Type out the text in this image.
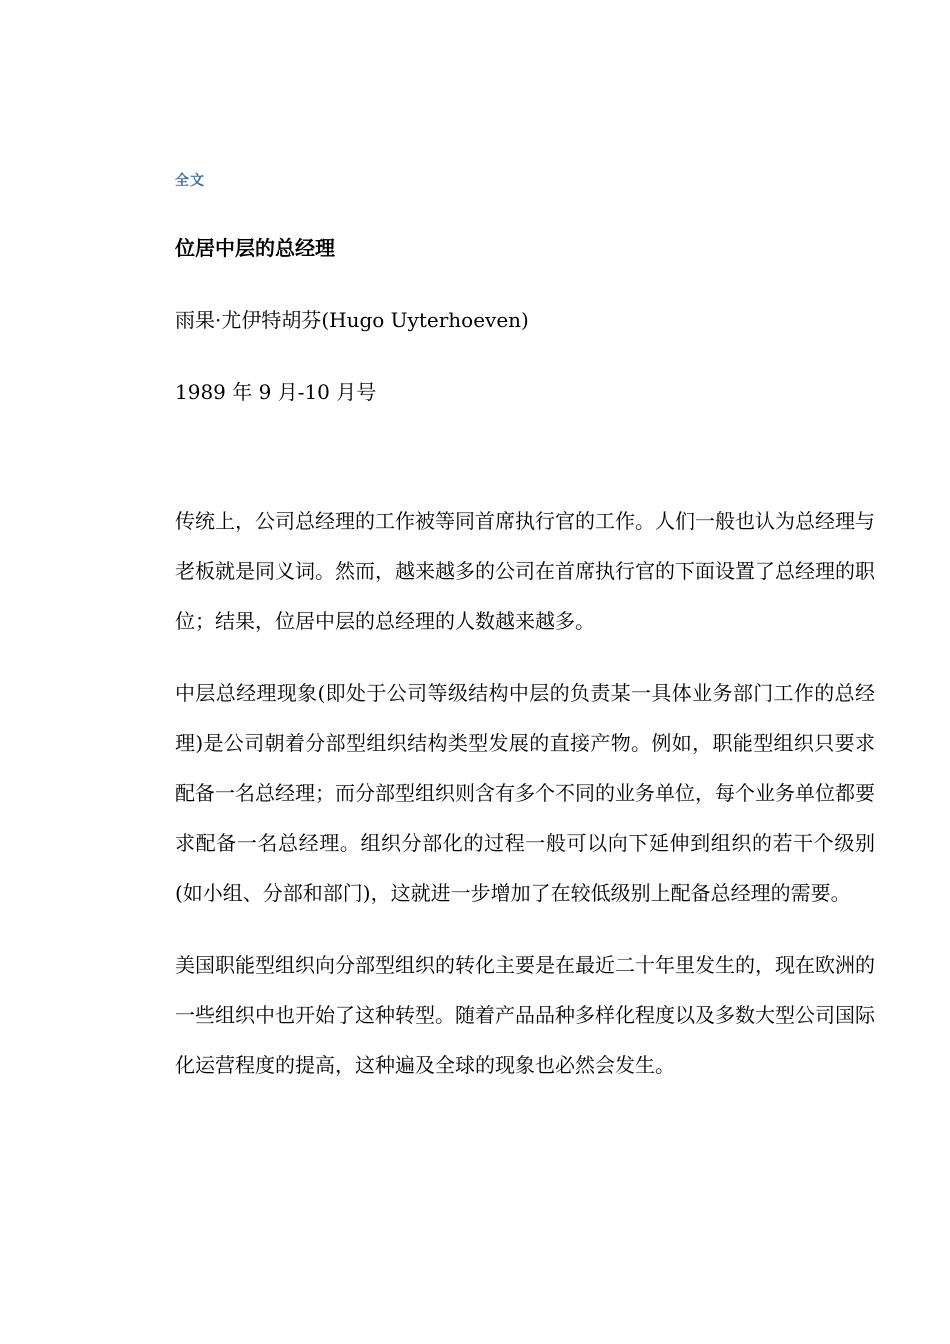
全文
位居中层的总经理
雨果·尤伊特胡芬(Hugo Uyterhoeven)
1989 年 9 月-10 月号

传统上，公司总经理的工作被等同首席执行官的工作。人们一般也认为总经理与老板就是同义词。然而，越来越多的公司在首席执行官的下面设置了总经理的职位；结果，位居中层的总经理的人数越来越多。

中层总经理现象(即处于公司等级结构中层的负责某一具体业务部门工作的总经理)是公司朝着分部型组织结构类型发展的直接产物。例如，职能型组织只要求配备一名总经理；而分部型组织则含有多个不同的业务单位，每个业务单位都要求配备一名总经理。组织分部化的过程一般可以向下延伸到组织的若干个级别(如小组、分部和部门)，这就进一步增加了在较低级别上配备总经理的需要。

美国职能型组织向分部型组织的转化主要是在最近二十年里发生的，现在欧洲的一些组织中也开始了这种转型。随着产品品种多样化程度以及多数大型公司国际化运营程度的提高，这种遍及全球的现象也必然会发生。
